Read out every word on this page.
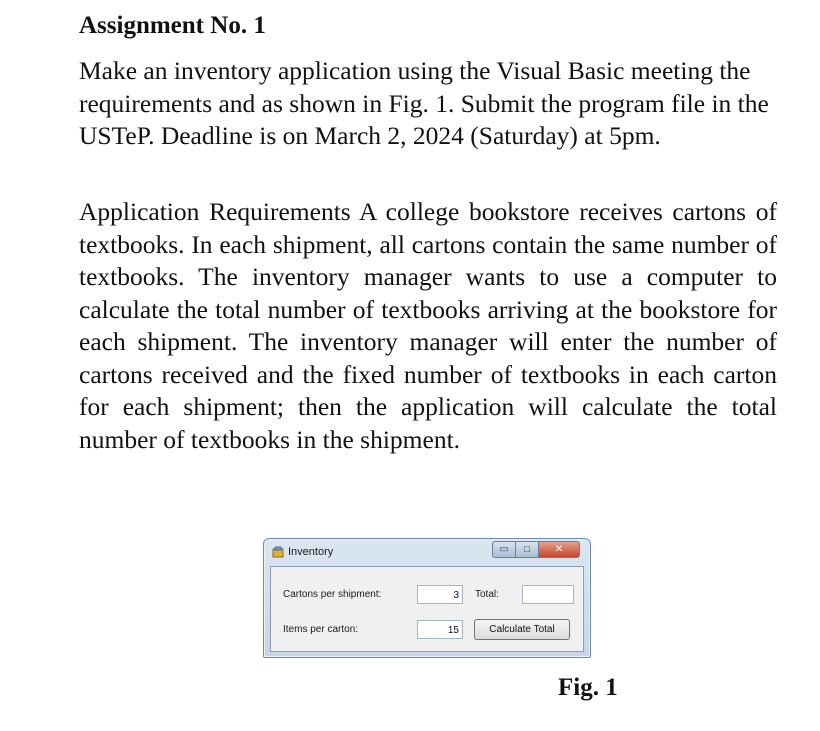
Assignment No. 1

Make an inventory application using the Visual Basic meeting the requirements and as shown in Fig. 1. Submit the program file in the USTeP. Deadline is on March 2, 2024 (Saturday) at 5pm.

Application Requirements A college bookstore receives cartons of textbooks. In each shipment, all cartons contain the same number of textbooks. The inventory manager wants to use a computer to calculate the total number of textbooks arriving at the bookstore for each shipment. The inventory manager will enter the number of cartons received and the fixed number of textbooks in each carton for each shipment; then the application will calculate the total number of textbooks in the shipment.

Inventory	▭	□	✕
Cartons per shipment:	3	Total:
Items per carton:	15	Calculate Total
Fig. 1
